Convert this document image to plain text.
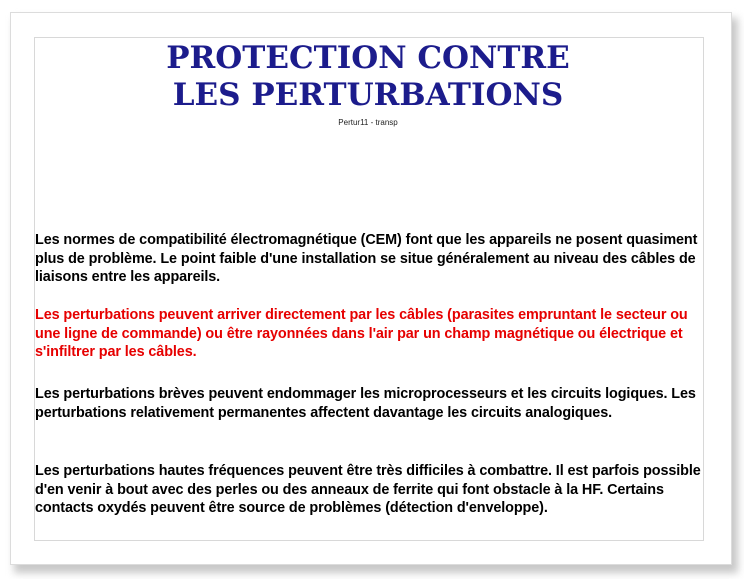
PROTECTION CONTRE
LES PERTURBATIONS
Pertur11 - transp

Les normes de compatibilité électromagnétique (CEM) font que les appareils ne posent quasiment plus de problème. Le point faible d'une installation se situe généralement au niveau des câbles de liaisons entre les appareils.

Les perturbations peuvent arriver directement par les câbles (parasites empruntant le secteur ou une ligne de commande) ou être rayonnées dans l'air par un champ magnétique ou électrique et s'infiltrer par les câbles.

Les perturbations brèves peuvent endommager les microprocesseurs et les circuits logiques. Les perturbations relativement permanentes affectent davantage les circuits analogiques.

Les perturbations hautes fréquences peuvent être très difficiles à combattre. Il est parfois possible d'en venir à bout avec des perles ou des anneaux de ferrite qui font obstacle à la HF. Certains contacts oxydés peuvent être source de problèmes (détection d'enveloppe).
